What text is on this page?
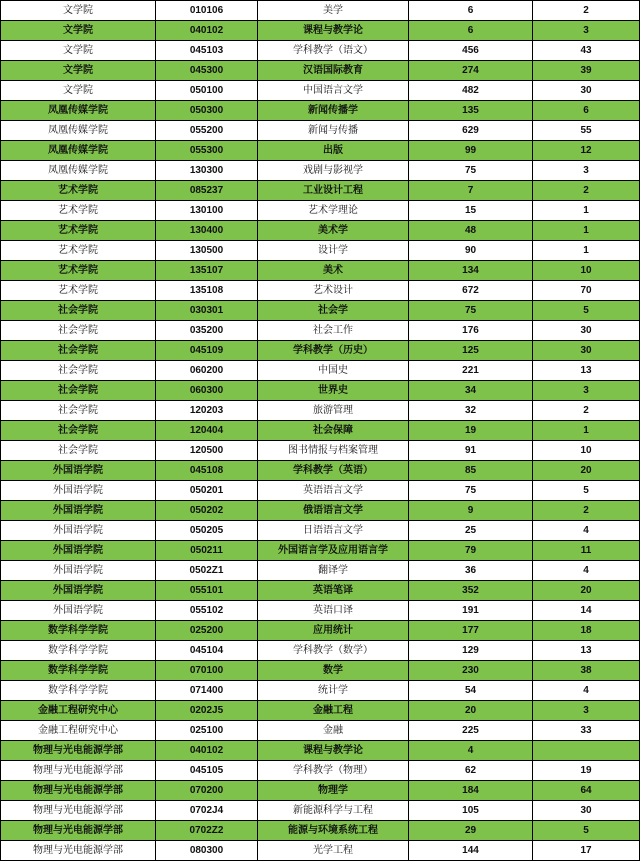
文学院	010106	美学	6	2
文学院	040102	课程与教学论	6	3
文学院	045103	学科教学（语文）	456	43
文学院	045300	汉语国际教育	274	39
文学院	050100	中国语言文学	482	30
凤凰传媒学院	050300	新闻传播学	135	6
凤凰传媒学院	055200	新闻与传播	629	55
凤凰传媒学院	055300	出版	99	12
凤凰传媒学院	130300	戏剧与影视学	75	3
艺术学院	085237	工业设计工程	7	2
艺术学院	130100	艺术学理论	15	1
艺术学院	130400	美术学	48	1
艺术学院	130500	设计学	90	1
艺术学院	135107	美术	134	10
艺术学院	135108	艺术设计	672	70
社会学院	030301	社会学	75	5
社会学院	035200	社会工作	176	30
社会学院	045109	学科教学（历史）	125	30
社会学院	060200	中国史	221	13
社会学院	060300	世界史	34	3
社会学院	120203	旅游管理	32	2
社会学院	120404	社会保障	19	1
社会学院	120500	图书情报与档案管理	91	10
外国语学院	045108	学科教学（英语）	85	20
外国语学院	050201	英语语言文学	75	5
外国语学院	050202	俄语语言文学	9	2
外国语学院	050205	日语语言文学	25	4
外国语学院	050211	外国语言学及应用语言学	79	11
外国语学院	0502Z1	翻译学	36	4
外国语学院	055101	英语笔译	352	20
外国语学院	055102	英语口译	191	14
数学科学学院	025200	应用统计	177	18
数学科学学院	045104	学科教学（数学）	129	13
数学科学学院	070100	数学	230	38
数学科学学院	071400	统计学	54	4
金融工程研究中心	0202J5	金融工程	20	3
金融工程研究中心	025100	金融	225	33
物理与光电能源学部	040102	课程与教学论	4	
物理与光电能源学部	045105	学科教学（物理）	62	19
物理与光电能源学部	070200	物理学	184	64
物理与光电能源学部	0702J4	新能源科学与工程	105	30
物理与光电能源学部	0702Z2	能源与环境系统工程	29	5
物理与光电能源学部	080300	光学工程	144	17
